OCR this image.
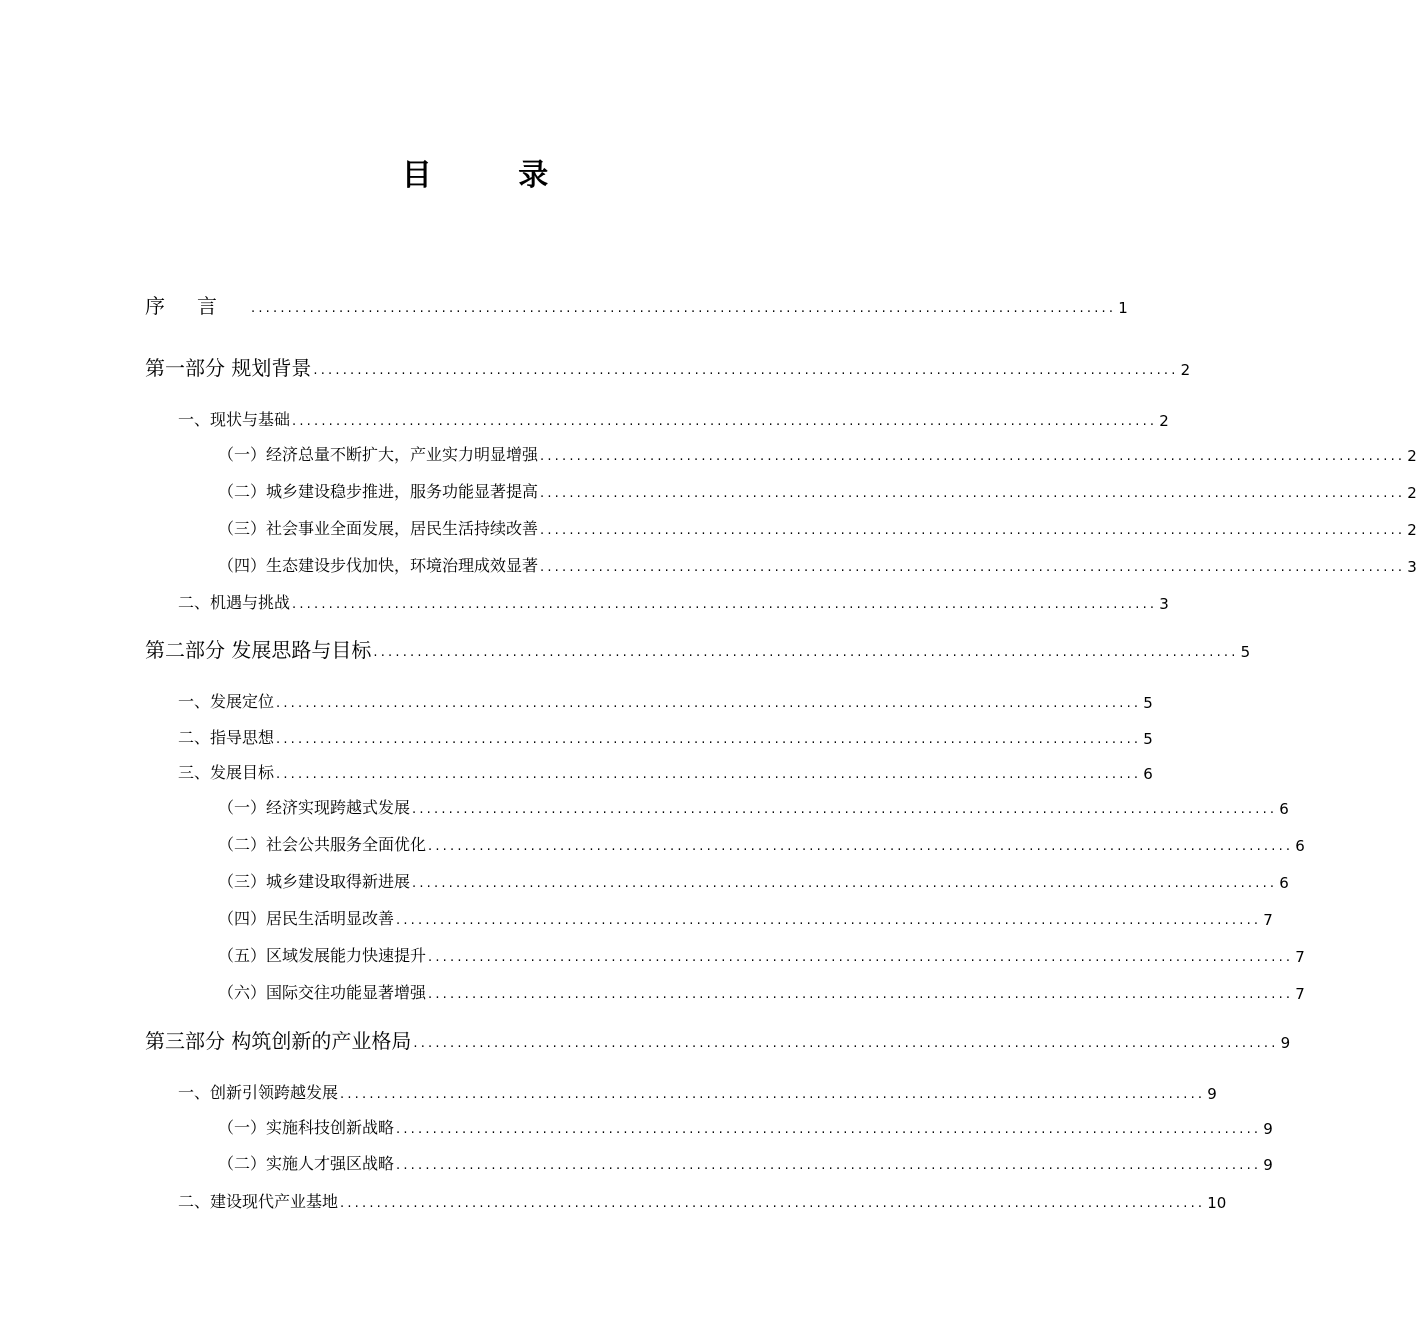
目 录
序言 ...................................................................................................................... 1
第一部分 规划背景 ...................................................................................................................... 2
一、现状与基础 ...................................................................................................................... 2
（一）经济总量不断扩大，产业实力明显增强 ...................................................................................................................... 2
（二）城乡建设稳步推进，服务功能显著提高 ...................................................................................................................... 2
（三）社会事业全面发展，居民生活持续改善 ...................................................................................................................... 2
（四）生态建设步伐加快，环境治理成效显著 ...................................................................................................................... 3
二、机遇与挑战 ...................................................................................................................... 3
第二部分 发展思路与目标 ...................................................................................................................... 5
一、发展定位 ...................................................................................................................... 5
二、指导思想 ...................................................................................................................... 5
三、发展目标 ...................................................................................................................... 6
（一）经济实现跨越式发展 ...................................................................................................................... 6
（二）社会公共服务全面优化 ...................................................................................................................... 6
（三）城乡建设取得新进展 ...................................................................................................................... 6
（四）居民生活明显改善 ...................................................................................................................... 7
（五）区域发展能力快速提升 ...................................................................................................................... 7
（六）国际交往功能显著增强 ...................................................................................................................... 7
第三部分 构筑创新的产业格局 ...................................................................................................................... 9
一、创新引领跨越发展 ...................................................................................................................... 9
（一）实施科技创新战略 ...................................................................................................................... 9
（二）实施人才强区战略 ...................................................................................................................... 9
二、建设现代产业基地 ...................................................................................................................... 10
